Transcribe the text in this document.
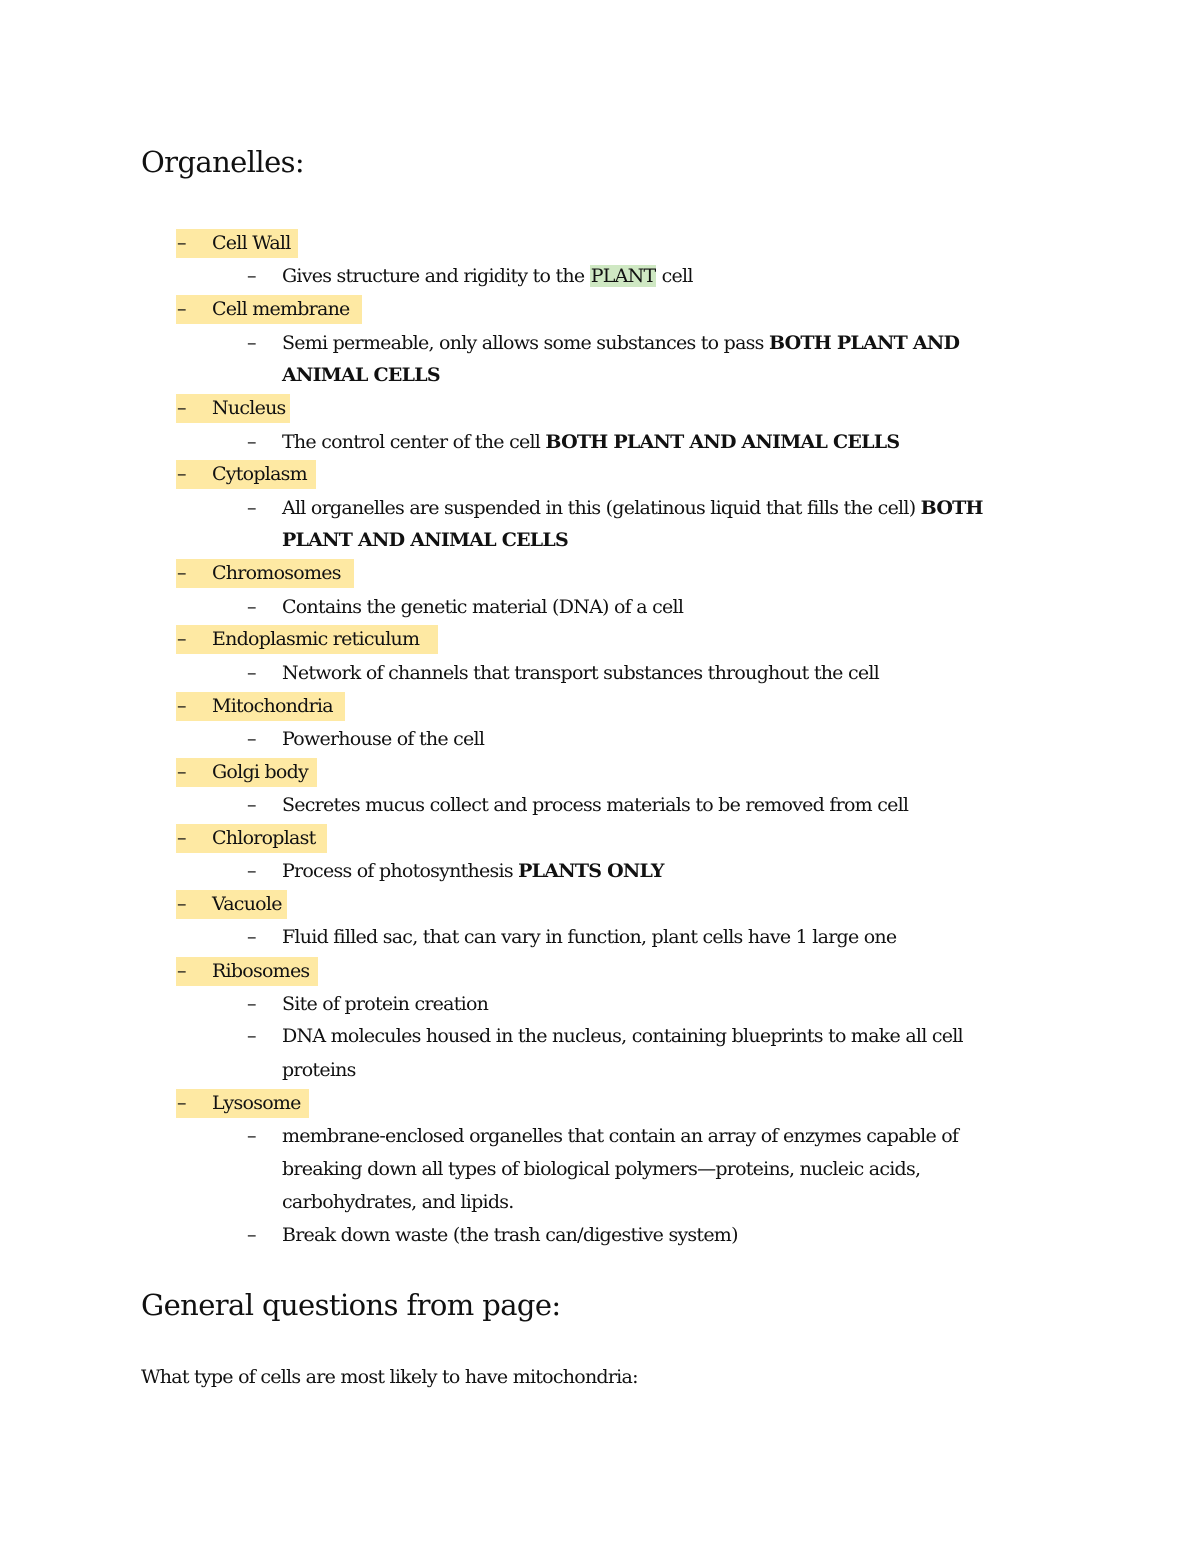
Organelles:
– Cell Wall
– Gives structure and rigidity to the PLANT cell
– Cell membrane
– Semi permeable, only allows some substances to pass BOTH PLANT AND
ANIMAL CELLS
– Nucleus
– The control center of the cell BOTH PLANT AND ANIMAL CELLS
– Cytoplasm
– All organelles are suspended in this (gelatinous liquid that fills the cell) BOTH
PLANT AND ANIMAL CELLS
– Chromosomes
– Contains the genetic material (DNA) of a cell
– Endoplasmic reticulum
– Network of channels that transport substances throughout the cell
– Mitochondria
– Powerhouse of the cell
– Golgi body
– Secretes mucus collect and process materials to be removed from cell
– Chloroplast
– Process of photosynthesis PLANTS ONLY
– Vacuole
– Fluid filled sac, that can vary in function, plant cells have 1 large one
– Ribosomes
– Site of protein creation
– DNA molecules housed in the nucleus, containing blueprints to make all cell
proteins
– Lysosome
– membrane-enclosed organelles that contain an array of enzymes capable of
breaking down all types of biological polymers—proteins, nucleic acids,
carbohydrates, and lipids.
– Break down waste (the trash can/digestive system)
General questions from page:
What type of cells are most likely to have mitochondria:
